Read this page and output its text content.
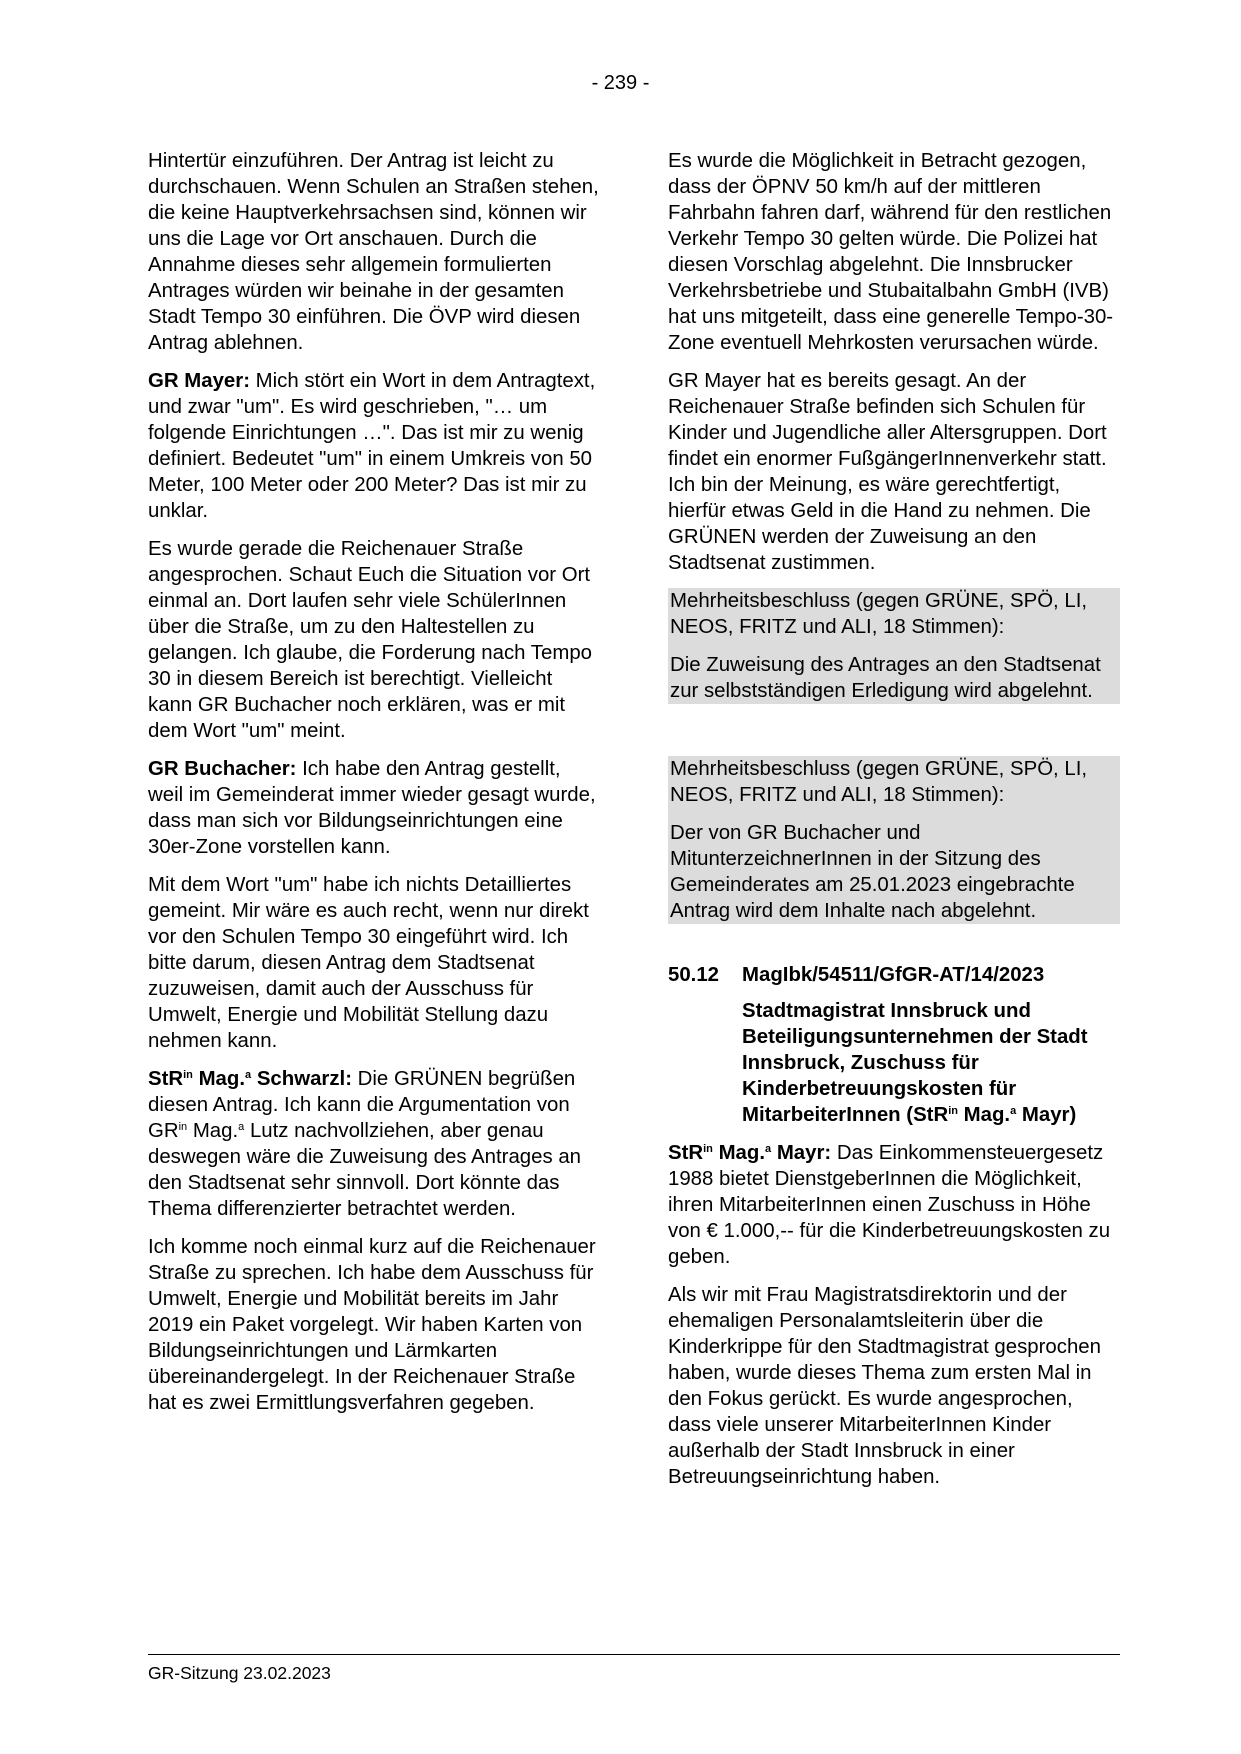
- 239 -

Hintertür einzuführen. Der Antrag ist leicht zu durchschauen. Wenn Schulen an Straßen stehen, die keine Hauptverkehrsachsen sind, können wir uns die Lage vor Ort anschauen. Durch die Annahme dieses sehr allgemein formulierten Antrages würden wir beinahe in der gesamten Stadt Tempo 30 einführen. Die ÖVP wird diesen Antrag ablehnen.

GR Mayer: Mich stört ein Wort in dem Antragtext, und zwar "um". Es wird geschrieben, "… um folgende Einrichtungen …". Das ist mir zu wenig definiert. Bedeutet "um" in einem Umkreis von 50 Meter, 100 Meter oder 200 Meter? Das ist mir zu unklar.

Es wurde gerade die Reichenauer Straße angesprochen. Schaut Euch die Situation vor Ort einmal an. Dort laufen sehr viele SchülerInnen über die Straße, um zu den Haltestellen zu gelangen. Ich glaube, die Forderung nach Tempo 30 in diesem Bereich ist berechtigt. Vielleicht kann GR Buchacher noch erklären, was er mit dem Wort "um" meint.

GR Buchacher: Ich habe den Antrag gestellt, weil im Gemeinderat immer wieder gesagt wurde, dass man sich vor Bildungseinrichtungen eine 30er-Zone vorstellen kann.

Mit dem Wort "um" habe ich nichts Detailliertes gemeint. Mir wäre es auch recht, wenn nur direkt vor den Schulen Tempo 30 eingeführt wird. Ich bitte darum, diesen Antrag dem Stadtsenat zuzuweisen, damit auch der Ausschuss für Umwelt, Energie und Mobilität Stellung dazu nehmen kann.

StR$^{in}$ Mag.$^a$ Schwarzl: Die GRÜNEN begrüßen diesen Antrag. Ich kann die Argumentation von $GR^{in}$ Mag.$^a$ Lutz nachvollziehen, aber genau deswegen wäre die Zuweisung des Antrages an den Stadtsenat sehr sinnvoll. Dort könnte das Thema differenzierter betrachtet werden.

Ich komme noch einmal kurz auf die Reichenauer Straße zu sprechen. Ich habe dem Ausschuss für Umwelt, Energie und Mobilität bereits im Jahr 2019 ein Paket vorgelegt. Wir haben Karten von Bildungseinrichtungen und Lärmkarten übereinandergelegt. In der Reichenauer Straße hat es zwei Ermittlungsverfahren gegeben.

Es wurde die Möglichkeit in Betracht gezogen, dass der ÖPNV 50 km/h auf der mittleren Fahrbahn fahren darf, während für den restlichen Verkehr Tempo 30 gelten würde. Die Polizei hat diesen Vorschlag abgelehnt. Die Innsbrucker Verkehrsbetriebe und Stubaitalbahn GmbH (IVB) hat uns mitgeteilt, dass eine generelle Tempo-30-Zone eventuell Mehrkosten verursachen würde.

GR Mayer hat es bereits gesagt. An der Reichenauer Straße befinden sich Schulen für Kinder und Jugendliche aller Altersgruppen. Dort findet ein enormer FußgängerInnenverkehr statt. Ich bin der Meinung, es wäre gerechtfertigt, hierfür etwas Geld in die Hand zu nehmen. Die GRÜNEN werden der Zuweisung an den Stadtsenat zustimmen.

Mehrheitsbeschluss (gegen GRÜNE, SPÖ, LI, NEOS, FRITZ und ALI, 18 Stimmen):

Die Zuweisung des Antrages an den Stadtsenat zur selbstständigen Erledigung wird abgelehnt.

Mehrheitsbeschluss (gegen GRÜNE, SPÖ, LI, NEOS, FRITZ und ALI, 18 Stimmen):

Der von GR Buchacher und MitunterzeichnerInnen in der Sitzung des Gemeinderates am 25.01.2023 eingebrachte Antrag wird dem Inhalte nach abgelehnt.

50.12	MagIbk/54511/GfGR-AT/14/2023
Stadtmagistrat Innsbruck und Beteiligungsunternehmen der Stadt Innsbruck, Zuschuss für Kinderbetreuungskosten für MitarbeiterInnen (StR$^{in}$ Mag.$^a$ Mayr)

StR$^{in}$ Mag.$^a$ Mayr: Das Einkommensteuergesetz 1988 bietet DienstgeberInnen die Möglichkeit, ihren MitarbeiterInnen einen Zuschuss in Höhe von € 1.000,-- für die Kinderbetreuungskosten zu geben.

Als wir mit Frau Magistratsdirektorin und der ehemaligen Personalamtsleiterin über die Kinderkrippe für den Stadtmagistrat gesprochen haben, wurde dieses Thema zum ersten Mal in den Fokus gerückt. Es wurde angesprochen, dass viele unserer MitarbeiterInnen Kinder außerhalb der Stadt Innsbruck in einer Betreuungseinrichtung haben.

GR-Sitzung 23.02.2023
